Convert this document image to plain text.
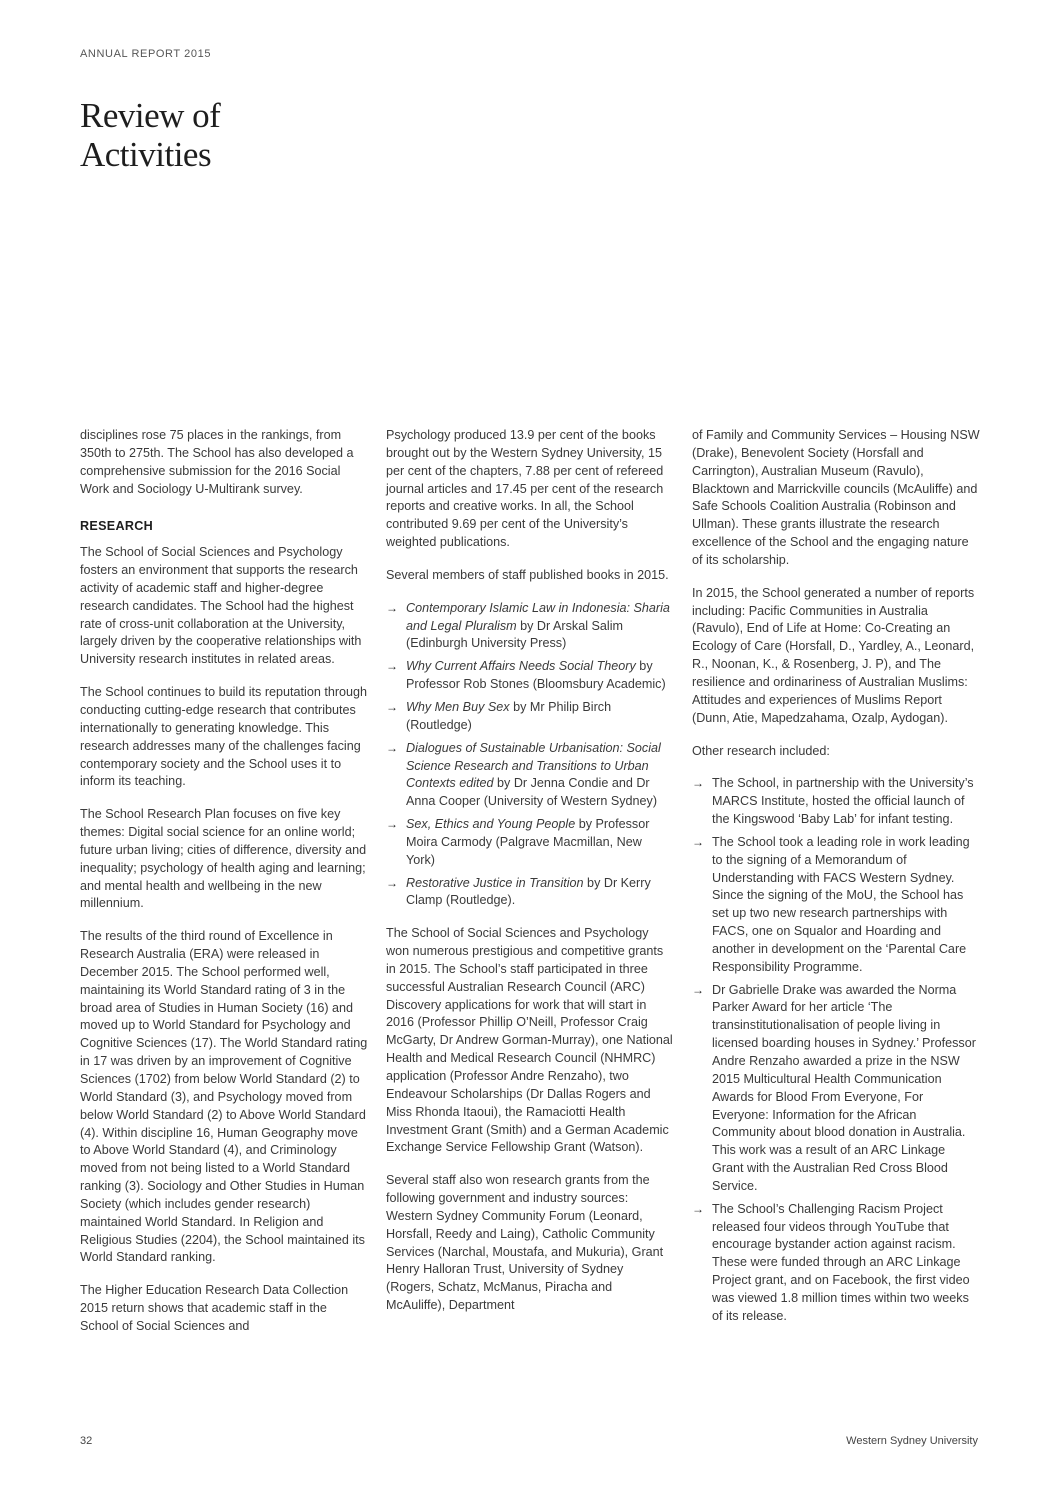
ANNUAL REPORT 2015
Review of
Activities

disciplines rose 75 places in the rankings, from 350th to 275th. The School has also developed a comprehensive submission for the 2016 Social Work and Sociology U-Multirank survey.

RESEARCH

The School of Social Sciences and Psychology fosters an environment that supports the research activity of academic staff and higher-degree research candidates. The School had the highest rate of cross-unit collaboration at the University, largely driven by the cooperative relationships with University research institutes in related areas.

The School continues to build its reputation through conducting cutting-edge research that contributes internationally to generating knowledge. This research addresses many of the challenges facing contemporary society and the School uses it to inform its teaching.

The School Research Plan focuses on five key themes: Digital social science for an online world; future urban living; cities of difference, diversity and inequality; psychology of health aging and learning; and mental health and wellbeing in the new millennium.

The results of the third round of Excellence in Research Australia (ERA) were released in December 2015. The School performed well, maintaining its World Standard rating of 3 in the broad area of Studies in Human Society (16) and moved up to World Standard for Psychology and Cognitive Sciences (17). The World Standard rating in 17 was driven by an improvement of Cognitive Sciences (1702) from below World Standard (2) to World Standard (3), and Psychology moved from below World Standard (2) to Above World Standard (4). Within discipline 16, Human Geography move to Above World Standard (4), and Criminology moved from not being listed to a World Standard ranking (3). Sociology and Other Studies in Human Society (which includes gender research) maintained World Standard. In Religion and Religious Studies (2204), the School maintained its World Standard ranking.

The Higher Education Research Data Collection 2015 return shows that academic staff in the School of Social Sciences and

Psychology produced 13.9 per cent of the books brought out by the Western Sydney University, 15 per cent of the chapters, 7.88 per cent of refereed journal articles and 17.45 per cent of the research reports and creative works. In all, the School contributed 9.69 per cent of the University’s weighted publications.

Several members of staff published books in 2015.

→ Contemporary Islamic Law in Indonesia: Sharia and Legal Pluralism by Dr Arskal Salim (Edinburgh University Press)
→ Why Current Affairs Needs Social Theory by Professor Rob Stones (Bloomsbury Academic)
→ Why Men Buy Sex by Mr Philip Birch (Routledge)
→ Dialogues of Sustainable Urbanisation: Social Science Research and Transitions to Urban Contexts edited by Dr Jenna Condie and Dr Anna Cooper (University of Western Sydney)
→ Sex, Ethics and Young People by Professor Moira Carmody (Palgrave Macmillan, New York)
→ Restorative Justice in Transition by Dr Kerry Clamp (Routledge).

The School of Social Sciences and Psychology won numerous prestigious and competitive grants in 2015. The School’s staff participated in three successful Australian Research Council (ARC) Discovery applications for work that will start in 2016 (Professor Phillip O’Neill, Professor Craig McGarty, Dr Andrew Gorman-Murray), one National Health and Medical Research Council (NHMRC) application (Professor Andre Renzaho), two Endeavour Scholarships (Dr Dallas Rogers and Miss Rhonda Itaoui), the Ramaciotti Health Investment Grant (Smith) and a German Academic Exchange Service Fellowship Grant (Watson).

Several staff also won research grants from the following government and industry sources: Western Sydney Community Forum (Leonard, Horsfall, Reedy and Laing), Catholic Community Services (Narchal, Moustafa, and Mukuria), Grant Henry Halloran Trust, University of Sydney (Rogers, Schatz, McManus, Piracha and McAuliffe), Department

of Family and Community Services – Housing NSW (Drake), Benevolent Society (Horsfall and Carrington), Australian Museum (Ravulo), Blacktown and Marrickville councils (McAuliffe) and Safe Schools Coalition Australia (Robinson and Ullman). These grants illustrate the research excellence of the School and the engaging nature of its scholarship.

In 2015, the School generated a number of reports including: Pacific Communities in Australia (Ravulo), End of Life at Home: Co-Creating an Ecology of Care (Horsfall, D., Yardley, A., Leonard, R., Noonan, K., & Rosenberg, J. P), and The resilience and ordinariness of Australian Muslims: Attitudes and experiences of Muslims Report (Dunn, Atie, Mapedzahama, Ozalp, Aydogan).

Other research included:

→ The School, in partnership with the University’s MARCS Institute, hosted the official launch of the Kingswood ‘Baby Lab’ for infant testing.
→ The School took a leading role in work leading to the signing of a Memorandum of Understanding with FACS Western Sydney. Since the signing of the MoU, the School has set up two new research partnerships with FACS, one on Squalor and Hoarding and another in development on the ‘Parental Care Responsibility Programme.
→ Dr Gabrielle Drake was awarded the Norma Parker Award for her article ‘The transinstitutionalisation of people living in licensed boarding houses in Sydney.’ Professor Andre Renzaho awarded a prize in the NSW 2015 Multicultural Health Communication Awards for Blood From Everyone, For Everyone: Information for the African Community about blood donation in Australia. This work was a result of an ARC Linkage Grant with the Australian Red Cross Blood Service.
→ The School’s Challenging Racism Project released four videos through YouTube that encourage bystander action against racism. These were funded through an ARC Linkage Project grant, and on Facebook, the first video was viewed 1.8 million times within two weeks of its release.
32	Western Sydney University
